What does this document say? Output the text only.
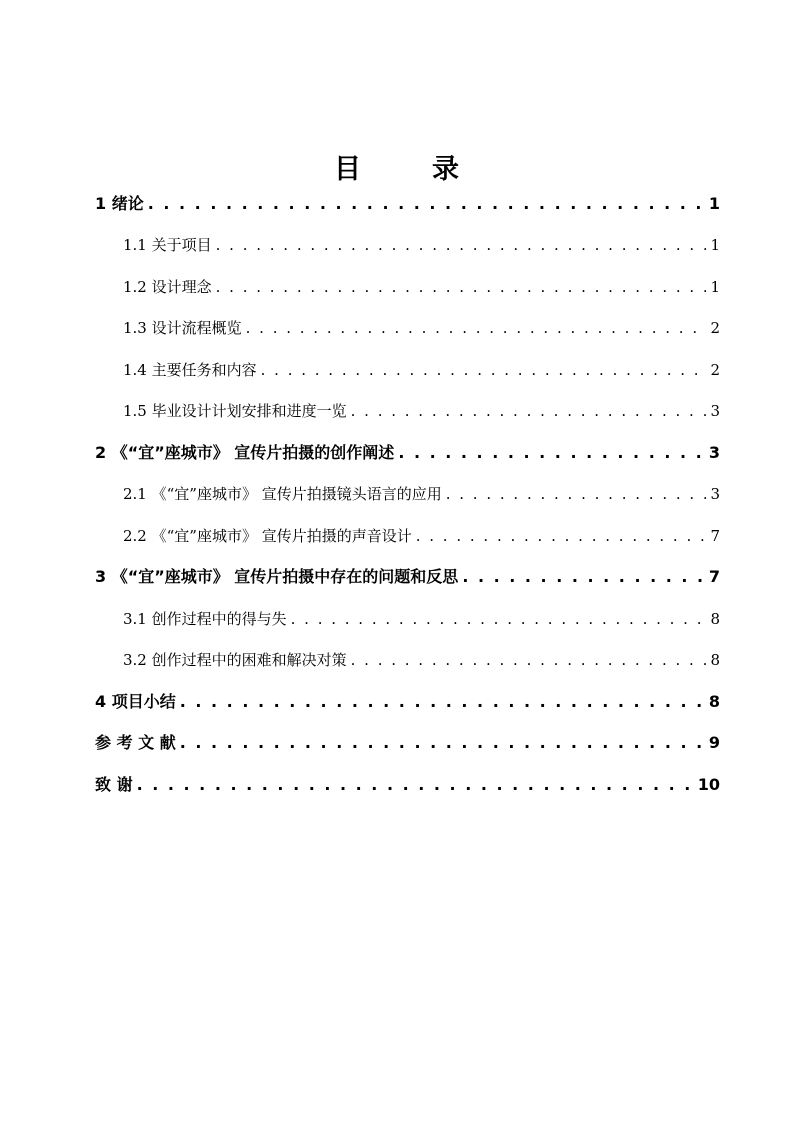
目　录
1 绪论 . . .	1
1.1 关于项目 . . .	1
1.2 设计理念 . . .	1
1.3 设计流程概览 . . .	2
1.4 主要任务和内容 . . .	2
1.5 毕业设计计划安排和进度一览 . . .	3
2 《“宜”座城市》 宣传片拍摄的创作阐述 . . .	3
2.1 《“宜”座城市》 宣传片拍摄镜头语言的应用 . . .	3
2.2 《“宜”座城市》 宣传片拍摄的声音设计 . . .	7
3 《“宜”座城市》 宣传片拍摄中存在的问题和反思 . . .	7
3.1 创作过程中的得与失 . . .	8
3.2 创作过程中的困难和解决对策 . . .	8
4 项目小结 . . .	8
参 考 文 献 . . .	9
致 谢 . . .	10
